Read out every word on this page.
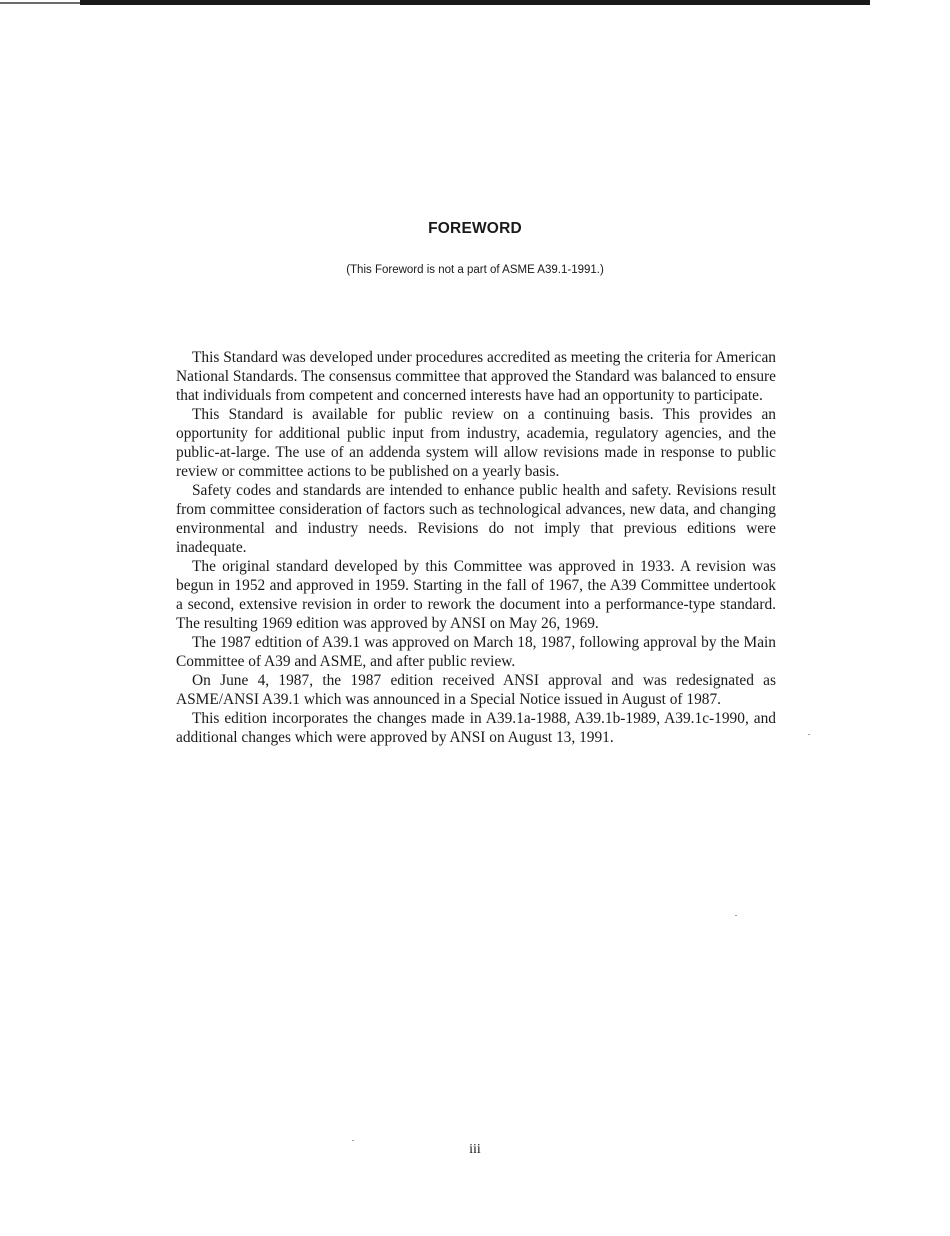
FOREWORD

(This Foreword is not a part of ASME A39.1-1991.)

This Standard was developed under procedures accredited as meeting the criteria for American National Standards. The consensus committee that approved the Standard was balanced to ensure that individuals from competent and concerned interests have had an opportunity to participate.

This Standard is available for public review on a continuing basis. This provides an opportunity for additional public input from industry, academia, regulatory agencies, and the public-at-large. The use of an addenda system will allow revisions made in response to public review or committee actions to be published on a yearly basis.

Safety codes and standards are intended to enhance public health and safety. Revisions result from committee consideration of factors such as technological advances, new data, and changing environmental and industry needs. Revisions do not imply that previous editions were inadequate.

The original standard developed by this Committee was approved in 1933. A revision was begun in 1952 and approved in 1959. Starting in the fall of 1967, the A39 Committee undertook a second, extensive revision in order to rework the document into a performance-type standard. The resulting 1969 edition was approved by ANSI on May 26, 1969.

The 1987 edtition of A39.1 was approved on March 18, 1987, following approval by the Main Committee of A39 and ASME, and after public review.

On June 4, 1987, the 1987 edition received ANSI approval and was redesignated as ASME/ANSI A39.1 which was announced in a Special Notice issued in August of 1987.

This edition incorporates the changes made in A39.1a-1988, A39.1b-1989, A39.1c-1990, and additional changes which were approved by ANSI on August 13, 1991.

iii
